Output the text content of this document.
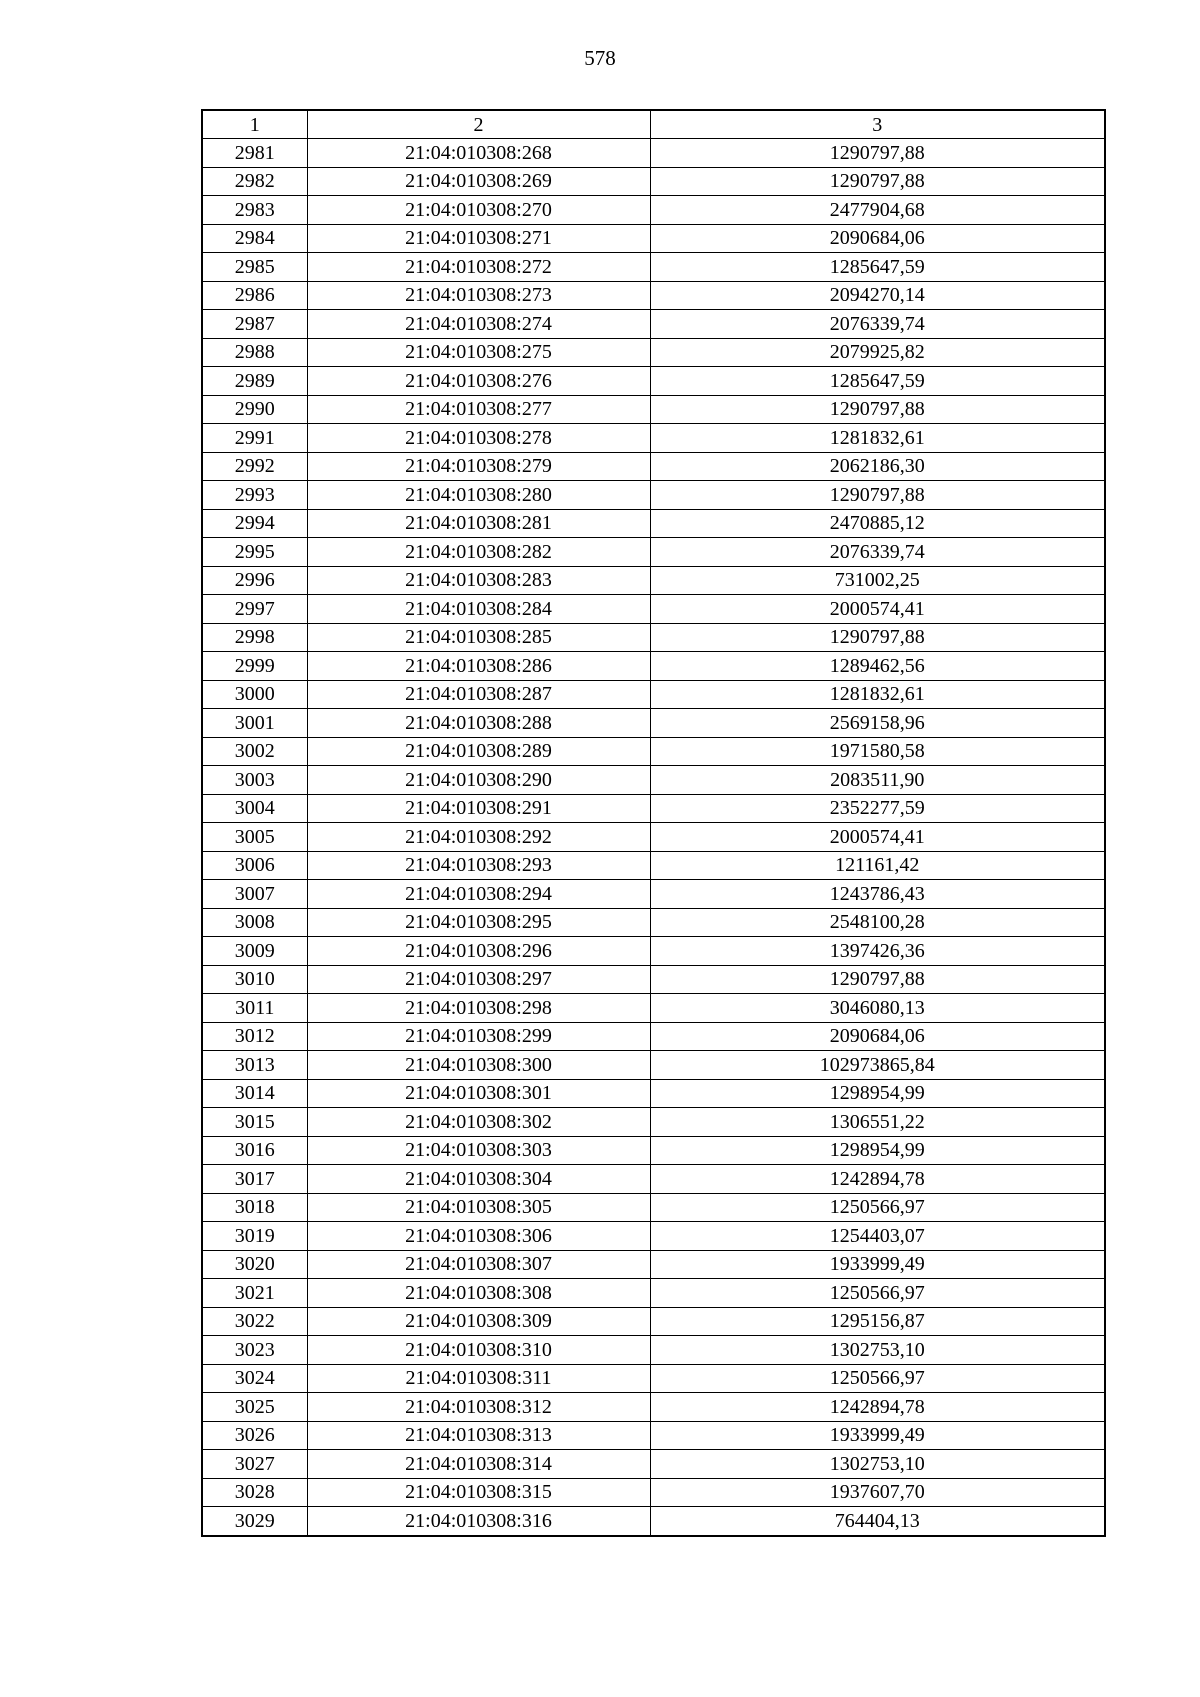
578
1	2	3
2981	21:04:010308:268	1290797,88
2982	21:04:010308:269	1290797,88
2983	21:04:010308:270	2477904,68
2984	21:04:010308:271	2090684,06
2985	21:04:010308:272	1285647,59
2986	21:04:010308:273	2094270,14
2987	21:04:010308:274	2076339,74
2988	21:04:010308:275	2079925,82
2989	21:04:010308:276	1285647,59
2990	21:04:010308:277	1290797,88
2991	21:04:010308:278	1281832,61
2992	21:04:010308:279	2062186,30
2993	21:04:010308:280	1290797,88
2994	21:04:010308:281	2470885,12
2995	21:04:010308:282	2076339,74
2996	21:04:010308:283	731002,25
2997	21:04:010308:284	2000574,41
2998	21:04:010308:285	1290797,88
2999	21:04:010308:286	1289462,56
3000	21:04:010308:287	1281832,61
3001	21:04:010308:288	2569158,96
3002	21:04:010308:289	1971580,58
3003	21:04:010308:290	2083511,90
3004	21:04:010308:291	2352277,59
3005	21:04:010308:292	2000574,41
3006	21:04:010308:293	121161,42
3007	21:04:010308:294	1243786,43
3008	21:04:010308:295	2548100,28
3009	21:04:010308:296	1397426,36
3010	21:04:010308:297	1290797,88
3011	21:04:010308:298	3046080,13
3012	21:04:010308:299	2090684,06
3013	21:04:010308:300	102973865,84
3014	21:04:010308:301	1298954,99
3015	21:04:010308:302	1306551,22
3016	21:04:010308:303	1298954,99
3017	21:04:010308:304	1242894,78
3018	21:04:010308:305	1250566,97
3019	21:04:010308:306	1254403,07
3020	21:04:010308:307	1933999,49
3021	21:04:010308:308	1250566,97
3022	21:04:010308:309	1295156,87
3023	21:04:010308:310	1302753,10
3024	21:04:010308:311	1250566,97
3025	21:04:010308:312	1242894,78
3026	21:04:010308:313	1933999,49
3027	21:04:010308:314	1302753,10
3028	21:04:010308:315	1937607,70
3029	21:04:010308:316	764404,13
